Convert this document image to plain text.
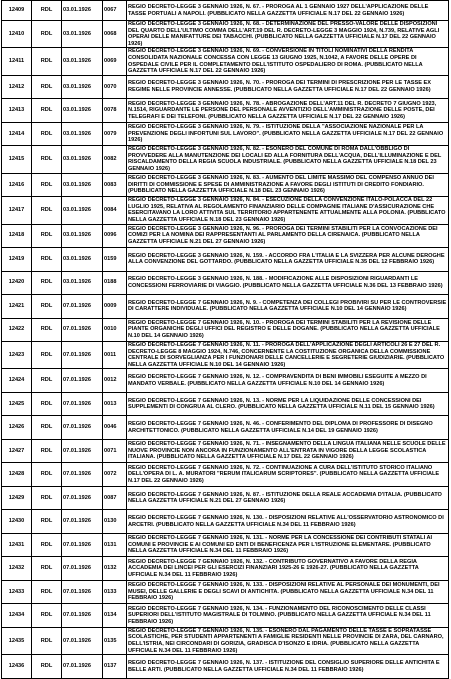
12409	RDL	03.01.1926	0067	REGIO DECRETO-LEGGE 3 GENNAIO 1926, N. 67. - PROROGA AL 1 GENNAIO 1927 DELL'APPLICAZIONE DELLE TASSE PORTUALI A NAPOLI. (PUBBLICATO NELLA GAZZETTA UFFICIALE N.17 DEL 22 GENNAIO 1926)
12410	RDL	03.01.1926	0068	REGIO DECRETO-LEGGE 3 GENNAIO 1926, N. 68. - DETERMINAZIONE DEL PRESSO-VALORE DELLE DISPOSIZIONI DEL QUARTO DELL'ULTIMO COMMA DELL'ART.19 DEL R. DECRETO-LEGGE 3 MAGGIO 1924, N.739, RELATIVE AGLI OPERAI DELLE MANIFATTURE DEI TABACCHI. (PUBBLICATO NELLA GAZZETTA UFFICIALE N.17 DEL 22 GENNAIO 1926)
12411	RDL	03.01.1926	0069	REGIO DECRETO-LEGGE 3 GENNAIO 1926, N. 69. - CONVERSIONE IN TITOLI NOMINATIVI DELLA RENDITA CONSOLIDATA NAZIONALE CONCESSA CON LEGGE 13 GIUGNO 1925, N.1042, A FAVORE DELLE OPERE DI OSPEDALE CIVILE PER IL COMPLETAMENTO DELL'ISTITUTO OSPEDALIERO DI ROMA. (PUBBLICATO NELLA GAZZETTA UFFICIALE N.17 DEL 22 GENNAIO 1926)
12412	RDL	03.01.1926	0070	REGIO DECRETO-LEGGE 3 GENNAIO 1926, N. 70. - PROROGA DEI TERMINI DI PRESCRIZIONE PER LE TASSE EX REGIME NELLE PROVINCIE ANNESSE. (PUBBLICATO NELLA GAZZETTA UFFICIALE N.17 DEL 22 GENNAIO 1926)
12413	RDL	03.01.1926	0078	REGIO DECRETO-LEGGE 3 GENNAIO 1926, N. 78. - ABROGAZIONE DELL'ART.11 DEL R. DECRETO 7 GIUGNO 1923, N.1514, RIGUARDANTE LE PERSONE DEL PERSONALE AVVENTIZIO DELL'AMMINISTRAZIONE DELLE POSTE, DEI TELEGRAFI E DEI TELEFONI. (PUBBLICATO NELLA GAZZETTA UFFICIALE N.17 DEL 22 GENNAIO 1926)
12414	RDL	03.01.1926	0079	REGIO DECRETO-LEGGE 3 GENNAIO 1926, N. 79. - ISTITUZIONE DELLA "ASSOCIAZIONE NAZIONALE PER LA PREVENZIONE DEGLI INFORTUNI SUL LAVORO". (PUBBLICATO NELLA GAZZETTA UFFICIALE N.17 DEL 22 GENNAIO 1926)
12415	RDL	03.01.1926	0082	REGIO DECRETO-LEGGE 3 GENNAIO 1926, N. 82. - ESONERO DEL COMUNE DI ROMA DALL'OBBLIGO DI PROVVEDERE ALLA MANUTENZIONE DEI LOCALI ED ALLA FORNITURA DELL'ACQUA, DELL'ILLUMINAZIONE E DEL RISCALDAMENTO DELLA REGIA SCUOLA INDUSTRIALE. (PUBBLICATO NELLA GAZZETTA UFFICIALE N.18 DEL 23 GENNAIO 1926)
12416	RDL	03.01.1926	0083	REGIO DECRETO-LEGGE 3 GENNAIO 1926, N. 83. - AUMENTO DEL LIMITE MASSIMO DEL COMPENSO ANNUO DEI DIRITTI DI COMMISSIONE E SPESE DI AMMINISTRAZIONE A FAVORE DEGLI ISTITUTI DI CREDITO FONDIARIO. (PUBBLICATO NELLA GAZZETTA UFFICIALE N.18 DEL 23 GENNAIO 1926)
12417	RDL	03.01.1926	0084	REGIO DECRETO-LEGGE 3 GENNAIO 1926, N. 84. - ESECUZIONE DELLA CONVENZIONE ITALO-POLACCA DEL 22 LUGLIO 1925, RELATIVA AL REGOLAMENTO FINANZIARIO DELLE COMPAGNIE ITALIANE D'ASSICURAZIONE CHE ESERCITAVANO LA LORO ATTIVITA SUL TERRITORIO APPARTENENTE ATTUALMENTE ALLA POLONIA. (PUBBLICATO NELLA GAZZETTA UFFICIALE N.18 DEL 23 GENNAIO 1926)
12418	RDL	03.01.1926	0096	REGIO DECRETO-LEGGE 3 GENNAIO 1926, N. 96. - PROROGA DEI TERMINI STABILITI PER LA CONVOCAZIONE DEI COMIZI PER LA NOMINA DEI RAPPRESENTANTI AL PARLAMENTO DELLA CIRENAICA. (PUBBLICATO NELLA GAZZETTA UFFICIALE N.21 DEL 27 GENNAIO 1926)
12419	RDL	03.01.1926	0159	REGIO DECRETO-LEGGE 3 GENNAIO 1926, N. 159. - ACCORDO FRA L'ITALIA E LA SVIZZERA PER ALCUNE DEROGHE ALLA CONVENZIONE DEL GOTTARDO. (PUBBLICATO NELLA GAZZETTA UFFICIALE N.35 DEL 12 FEBBRAIO 1926)
12420	RDL	03.01.1926	0188	REGIO DECRETO-LEGGE 3 GENNAIO 1926, N. 188. - MODIFICAZIONE ALLE DISPOSIZIONI RIGUARDANTI LE CONCESSIONI FERROVIARIE DI VIAGGIO. (PUBBLICATO NELLA GAZZETTA UFFICIALE N.36 DEL 13 FEBBRAIO 1926)
12421	RDL	07.01.1926	0009	REGIO DECRETO-LEGGE 7 GENNAIO 1926, N. 9. - COMPETENZA DEI COLLEGI PROBIVIRI SU PER LE CONTROVERSIE DI CARATTERE INDIVIDUALE. (PUBBLICATO NELLA GAZZETTA UFFICIALE N.10 DEL 14 GENNAIO 1926)
12422	RDL	07.01.1926	0010	REGIO DECRETO-LEGGE 7 GENNAIO 1926, N. 10. - PROROGA DEI TERMINI STABILITI PER LA REVISIONE DELLE PIANTE ORGANICHE DEGLI UFFICI DEL REGISTRO E DELLE DOGANE. (PUBBLICATO NELLA GAZZETTA UFFICIALE N.10 DEL 14 GENNAIO 1926)
12423	RDL	07.01.1926	0011	REGIO DECRETO-LEGGE 7 GENNAIO 1926, N. 11. - PROROGA DELL'APPLICAZIONE DEGLI ARTICOLI 26 E 27 DEL R. DECRETO-LEGGE 8 MAGGIO 1924, N.746, CONCERNENTE LA COSTITUZIONE ORGANICA DELLA COMMISSIONE CENTRALE DI SORVEGLIANZA PER I FUNZIONARI DELLE CANCELLERIE E SEGRETERIE GIUDIZIARIE. (PUBBLICATO NELLA GAZZETTA UFFICIALE N.10 DEL 14 GENNAIO 1926)
12424	RDL	07.01.1926	0012	REGIO DECRETO-LEGGE 7 GENNAIO 1926, N. 12. - COMPRAVENDITA DI BENI IMMOBILI ESEGUITE A MEZZO DI MANDATO VERBALE. (PUBBLICATO NELLA GAZZETTA UFFICIALE N.10 DEL 14 GENNAIO 1926)
12425	RDL	07.01.1926	0013	REGIO DECRETO-LEGGE 7 GENNAIO 1926, N. 13. - NORME PER LA LIQUIDAZIONE DELLE CONCESSIONI DEI SUPPLEMENTI DI CONGRUA AL CLERO. (PUBBLICATO NELLA GAZZETTA UFFICIALE N.11 DEL 15 GENNAIO 1926)
12426	RDL	07.01.1926	0046	REGIO DECRETO-LEGGE 7 GENNAIO 1926, N. 46. - CONFERIMENTO DEL DIPLOMA DI PROFESSORE DI DISEGNO ARCHITETTONICO. (PUBBLICATO NELLA GAZZETTA UFFICIALE N.14 DEL 19 GENNAIO 1926)
12427	RDL	07.01.1926	0071	REGIO DECRETO-LEGGE 7 GENNAIO 1926, N. 71. - INSEGNAMENTO DELLA LINGUA ITALIANA NELLE SCUOLE DELLE NUOVE PROVINCIE NON ANCORA IN FUNZIONAMENTO ALL'ENTRATA IN VIGORE DELLA LEGGE SCOLASTICA ITALIANA. (PUBBLICATO NELLA GAZZETTA UFFICIALE N.17 DEL 22 GENNAIO 1926)
12428	RDL	07.01.1926	0072	REGIO DECRETO-LEGGE 7 GENNAIO 1926, N. 72. - CONTINUAZIONE A CURA DELL'ISTITUTO STORICO ITALIANO DELL'OPERA DI L. A. MURATORI "RERUM ITALICARUM SCRIPTORES". (PUBBLICATO NELLA GAZZETTA UFFICIALE N.17 DEL 22 GENNAIO 1926)
12429	RDL	07.01.1926	0087	REGIO DECRETO-LEGGE 7 GENNAIO 1926, N. 87. - ISTITUZIONE DELLA REALE ACCADEMIA D'ITALIA. (PUBBLICATO NELLA GAZZETTA UFFICIALE N.21 DEL 27 GENNAIO 1926)
12430	RDL	07.01.1926	0130	REGIO DECRETO-LEGGE 7 GENNAIO 1926, N. 130. - DISPOSIZIONI RELATIVE ALL'OSSERVATORIO ASTRONOMICO DI ARCETRI. (PUBBLICATO NELLA GAZZETTA UFFICIALE N.34 DEL 11 FEBBRAIO 1926)
12431	RDL	07.01.1926	0131	REGIO DECRETO-LEGGE 7 GENNAIO 1926, N. 131. - NORME PER LA CONCESSIONE DEI CONTRIBUTI STATALI AI COMUNI E PROVINCIE E AI COMUNI ED ENTI DI BENEFICENZA PER L'ISTRUZIONE ELEMENTARE. (PUBBLICATO NELLA GAZZETTA UFFICIALE N.34 DEL 11 FEBBRAIO 1926)
12432	RDL	07.01.1926	0132	REGIO DECRETO-LEGGE 7 GENNAIO 1926, N. 132. - CONTRIBUTO GOVERNATIVO A FAVORE DELLA REGIA ACCADEMIA DEI LINCEI PER GLI ESERCIZI FINANZIARI 1925-26 E 1926-27. (PUBBLICATO NELLA GAZZETTA UFFICIALE N.34 DEL 11 FEBBRAIO 1926)
12433	RDL	07.01.1926	0133	REGIO DECRETO-LEGGE 7 GENNAIO 1926, N. 133. - DISPOSIZIONI RELATIVE AL PERSONALE DEI MONUMENTI, DEI MUSEI, DELLE GALLERIE E DEGLI SCAVI DI ANTICHITA. (PUBBLICATO NELLA GAZZETTA UFFICIALE N.34 DEL 11 FEBBRAIO 1926)
12434	RDL	07.01.1926	0134	REGIO DECRETO-LEGGE 7 GENNAIO 1926, N. 134. - FUNZIONAMENTO DEL RICONOSCIMENTO DELLE CLASSI SUPERIORI DELL'ISTITUTO MAGISTRALE DI TOLMINO. (PUBBLICATO NELLA GAZZETTA UFFICIALE N.34 DEL 11 FEBBRAIO 1926)
12435	RDL	07.01.1926	0135	REGIO DECRETO-LEGGE 7 GENNAIO 1926, N. 135. - ESONERO DAL PAGAMENTO DELLE TASSE E SOPRATASSE SCOLASTICHE, PER STUDENTI APPARTENENTI A FAMIGLIE RESIDENTI NELLE PROVINCIE DI ZARA, DEL CARNARO, DELL'ISTRIA, NEI CIRCONDARI DI GORIZIA, GRADISCA D'ISONZO E IDRIA. (PUBBLICATO NELLA GAZZETTA UFFICIALE N.34 DEL 11 FEBBRAIO 1926)
12436	RDL	07.01.1926	0137	REGIO DECRETO-LEGGE 7 GENNAIO 1926, N. 137. - ISTITUZIONE DEL CONSIGLIO SUPERIORE DELLE ANTICHITA E BELLE ARTI. (PUBBLICATO NELLA GAZZETTA UFFICIALE N.34 DEL 11 FEBBRAIO 1926)
